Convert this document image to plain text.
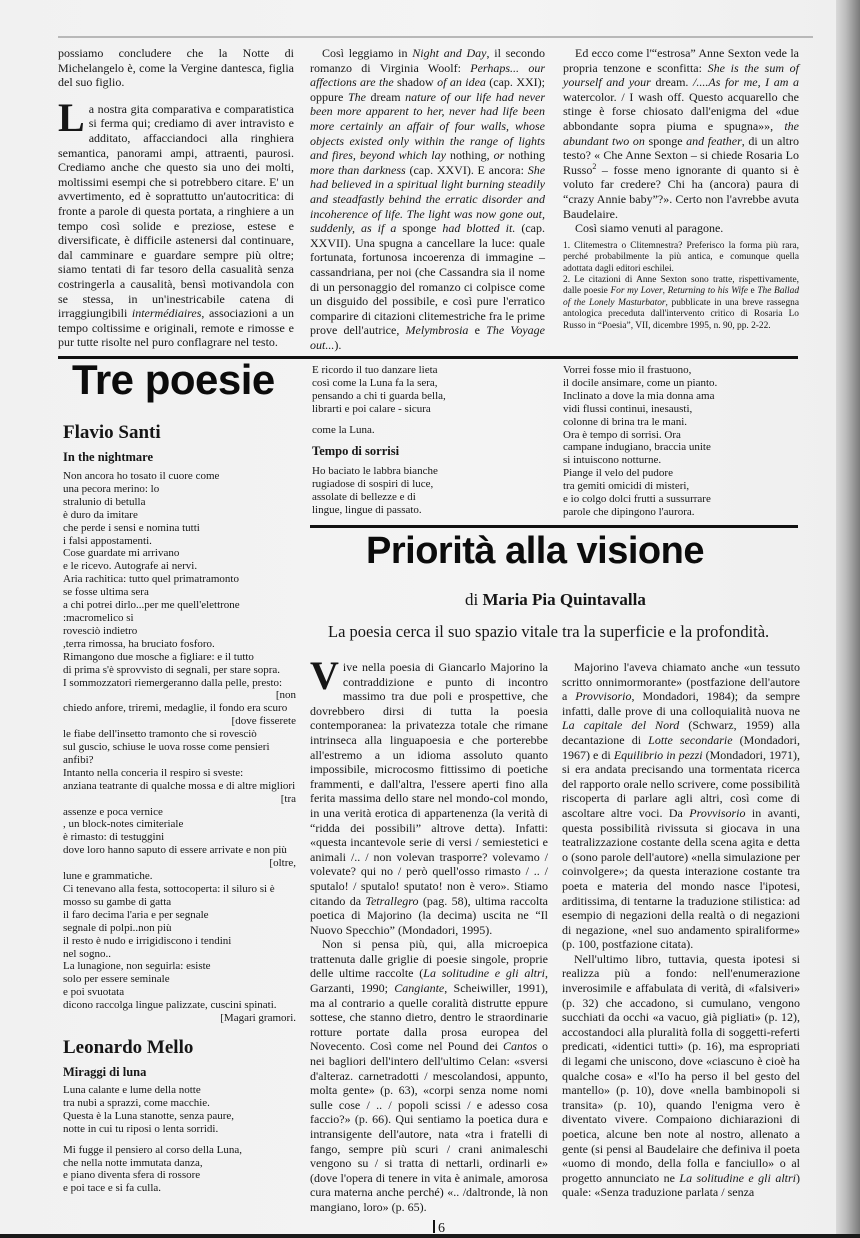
possiamo concludere che la Notte di Michelangelo è, come la Vergine dantesca, figlia del suo figlio.

La nostra gita comparativa e comparatistica si ferma qui; crediamo di aver intravisto e additato, affacciandoci alla ringhiera semantica, panorami ampi, attraenti, paurosi. Crediamo anche che questo sia uno dei molti, moltissimi esempi che si potrebbero citare. E' un avvertimento, ed è soprattutto un'autocritica: di fronte a parole di questa portata, a ringhiere a un tempo così solide e preziose, estese e diversificate, è difficile astenersi dal continuare, dal camminare e guardare sempre più oltre; siamo tentati di far tesoro della casualità senza costringerla a causalità, bensì motivandola con se stessa, in un'inestricabile catena di irraggiungibili intermédiaires, associazioni a un tempo coltissime e originali, remote e rimosse e pur tutte risolte nel puro conflagrare nel testo.

Così leggiamo in Night and Day, il secondo romanzo di Virginia Woolf: Perhaps... our affections are the shadow of an idea (cap. XXI); oppure The dream nature of our life had never been more apparent to her, never had life been more certainly an affair of four walls, whose objects existed only within the range of lights and fires, beyond which lay nothing, or nothing more than darkness (cap. XXVI). E ancora: She had believed in a spiritual light burning steadily and steadfastly behind the erratic disorder and incoherence of life. The light was now gone out, suddenly, as if a sponge had blotted it. (cap. XXVII). Una spugna a cancellare la luce: quale fortunata, fortunosa incoerenza di immagine – cassandriana, per noi (che Cassandra sia il nome di un personaggio del romanzo ci colpisce come un disguido del possibile, e così pure l'erratico comparire di citazioni clitemestriche fra le prime prove dell'autrice, Melymbrosia e The Voyage out...).

Ed ecco come l'“estrosa” Anne Sexton vede la propria tenzone e sconfitta: She is the sum of yourself and your dream. /....As for me, I am a watercolor. / I wash off. Questo acquarello che stinge è forse chiosato dall'enigma del «due abbondante sopra piuma e spugna»», the abundant two on sponge and feather, di un altro testo? « Che Anne Sexton – si chiede Rosaria Lo Russo$^2$ – fosse meno ignorante di quanto si è voluto far credere? Chi ha (ancora) paura di “crazy Annie baby”?». Certo non l'avrebbe avuta Baudelaire.

Così siamo venuti al paragone.

1. Clitemestra o Clitemnestra? Preferisco la forma più rara, perché probabilmente la più antica, e comunque quella adottata dagli editori eschilei.

2. Le citazioni di Anne Sexton sono tratte, rispettivamente, dalle poesie For my Lover, Returning to his Wife e The Ballad of the Lonely Masturbator, pubblicate in una breve rassegna antologica preceduta dall'intervento critico di Rosaria Lo Russo in “Poesia”, VII, dicembre 1995, n. 90, pp. 2-22.

Tre poesie
Flavio Santi

In the nightmare

Non ancora ho tosato il cuore come
una pecora merino: lo
stralunio di betulla
è duro da imitare
che perde i sensi e nomina tutti
i falsi appostamenti.
Cose guardate mi arrivano
e le ricevo. Autografe ai nervi.
Aria rachitica: tutto quel primatramonto
se fosse ultima sera
a chi potrei dirlo...per me quell'elettrone
:macromelico si
rovesciò indietro
,terra rimossa, ha bruciato fosforo.
Rimangono due mosche a figliare: e il tutto
di prima s'è sprovvisto di segnali, per stare sopra.
I sommozzatori riemergeranno dalla pelle, presto:
[non
chiedo anfore, triremi, medaglie, il fondo era scuro
[dove fisserete
le fiabe dell'insetto tramonto che si rovesciò
sul guscio, schiuse le uova rosse come pensieri
anfibi?
Intanto nella conceria il respiro si sveste:
anziana teatrante di qualche mossa e di altre migliori
[tra
assenze e poca vernice
, un block-notes cimiteriale
è rimasto: di testuggini
dove loro hanno saputo di essere arrivate e non più
[oltre,
lune e grammatiche.
Ci tenevano alla festa, sottocoperta: il siluro si è
mosso su gambe di gatta
il faro decima l'aria e per segnale
segnale di polpi..non più
il resto è nudo e irrigidiscono i tendini
nel sogno..
La lunagione, non seguirla: esiste
solo per essere seminale
e poi svuotata
dicono raccolga lingue palizzate, cuscini spinati.
[Magari gramori.
Leonardo Mello

Miraggi di luna

Luna calante e lume della notte
tra nubi a sprazzi, come macchie.
Questa è la Luna stanotte, senza paure,
notte in cui tu riposi o lenta sorridi.
Mi fugge il pensiero al corso della Luna,
che nella notte immutata danza,
e piano diventa sfera di rossore
e poi tace e si fa culla.
E ricordo il tuo danzare lieta
così come la Luna fa la sera,
pensando a chi ti guarda bella,
librarti e poi calare - sicura
come la Luna.

Tempo di sorrisi

Ho baciato le labbra bianche
rugiadose di sospiri di luce,
assolate di bellezze e di
lingue, lingue di passato.
Vorrei fosse mio il frastuono,
il docile ansimare, come un pianto.
Inclinato a dove la mia donna ama
vidi flussi continui, inesausti,
colonne di brina tra le mani.
Ora è tempo di sorrisi. Ora
campane indugiano, braccia unite
si intuiscono notturne.
Piange il velo del pudore
tra gemiti omicidi di misteri,
e io colgo dolci frutti a sussurrare
parole che dipingono l'aurora.
Priorità alla visione
di Maria Pia Quintavalla
La poesia cerca il suo spazio vitale tra la superficie e la profondità.

Vive nella poesia di Giancarlo Majorino la contraddizione e punto di incontro massimo tra due poli e prospettive, che dovrebbero dirsi di tutta la poesia contemporanea: la privatezza totale che rimane intrinseca alla linguapoesia e che porterebbe all'estremo a un idioma assoluto quanto impossibile, microcosmo fittissimo di poetiche frammenti, e dall'altra, l'essere aperti fino alla ferita massima dello stare nel mondo-col mondo, in una verità erotica di appartenenza (la verità di “ridda dei possibili” altrove detta). Infatti: «questa incantevole serie di versi / semiestetici e animali /.. / non volevan trasporre? volevamo / volevate? qui no / però quell'osso rimasto / .. / sputalo! / sputalo! sputato! non è vero». Stiamo citando da Tetrallegro (pag. 58), ultima raccolta poetica di Majorino (la decima) uscita ne “Il Nuovo Specchio” (Mondadori, 1995).

Non si pensa più, qui, alla microepica trattenuta dalle griglie di poesie singole, proprie delle ultime raccolte (La solitudine e gli altri, Garzanti, 1990; Cangiante, Scheiwiller, 1991), ma al contrario a quelle coralità distrutte eppure sottese, che stanno dietro, dentro le straordinarie rotture portate dalla prosa europea del Novecento. Così come nel Pound dei Cantos o nei bagliori dell'intero dell'ultimo Celan: «sversi d'alteraz. carnetradotti / mescolandosi, appunto, molta gente» (p. 63), «corpi senza nome nomi sulle cose / .. / popoli scissi / e adesso cosa faccio?» (p. 66). Qui sentiamo la poetica dura e intransigente dell'autore, nata «tra i fratelli di fango, sempre più scuri / crani animaleschi vengono su / si tratta di nettarli, ordinarli e» (dove l'opera di tenere in vita è animale, amorosa cura materna anche perché) «.. /daltronde, là non mangiano, loro» (p. 65).

Majorino l'aveva chiamato anche «un tessuto scritto onnimormorante» (postfazione dell'autore a Provvisorio, Mondadori, 1984); da sempre infatti, dalle prove di una colloquialità nuova ne La capitale del Nord (Schwarz, 1959) alla decantazione di Lotte secondarie (Mondadori, 1967) e di Equilibrio in pezzi (Mondadori, 1971), si era andata precisando una tormentata ricerca del rapporto orale nello scrivere, come possibilità riscoperta di parlare agli altri, così come di ascoltare altre voci. Da Provvisorio in avanti, questa possibilità rivissuta si giocava in una teatralizzazione costante della scena agita e detta o (sono parole dell'autore) «nella simulazione per coinvolgere»; da questa interazione costante tra poeta e materia del mondo nasce l'ipotesi, arditissima, di tentarne la traduzione stilistica: ad esempio di negazioni della realtà o di negazioni di negazione, «nel suo andamento spiraliforme» (p. 100, postfazione citata).

Nell'ultimo libro, tuttavia, questa ipotesi si realizza più a fondo: nell'enumerazione inverosimile e affabulata di verità, di «falsiveri» (p. 32) che accadono, si cumulano, vengono succhiati da occhi «a vacuo, già pigliati» (p. 12), accostandoci alla pluralità folla di soggetti-referti predicati, «identici tutti» (p. 16), ma espropriati di legami che uniscono, dove «ciascuno è cioè ha qualche cosa» e «l'Io ha perso il bel gesto del mantello» (p. 10), dove «nella bambinopoli si transita» (p. 10), quando l'enigma vero è diventato vivere. Compaiono dichiarazioni di poetica, alcune ben note al nostro, allenato a gente (si pensi al Baudelaire che definiva il poeta «uomo di mondo, della folla e fanciullo» o al progetto annunciato ne La solitudine e gli altri) quale: «Senza traduzione parlata / senza

6
